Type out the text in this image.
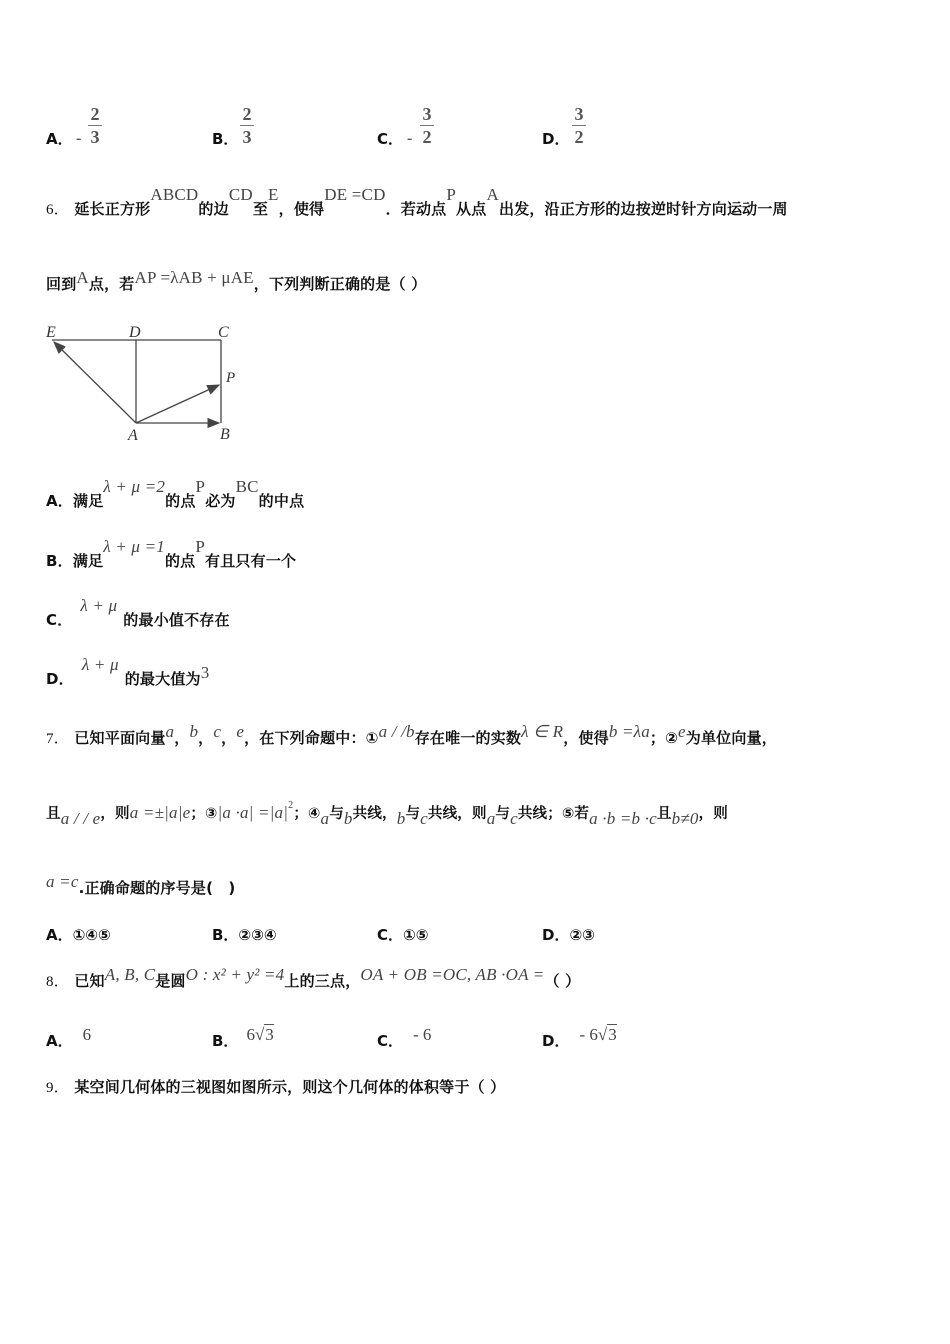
A． -
2
3	B．
2
3	C． -
3
2	D．
3
2
6． 延长正方形ABCD的边CD至E，使得DE =CD．若动点P从点A出发，沿正方形的边按逆时针方向运动一周
回到A点，若AP =λAB + μAE，下列判断正确的是（ ）
E	D	C
P
A	B
A．满足λ + μ =2的点P必为BC的中点
B．满足λ + μ =1的点P有且只有一个
C．λ + μ的最小值不存在
D．λ + μ的最大值为3
7． 已知平面向量a，b，c，e，在下列命题中：①a / /b存在唯一的实数λ ∈ R，使得b =λa；②e为单位向量，
且a / / e，则a =±|a|e；③|a $\cdot a| =|a|^2$；④a与b共线，b与c共线，则a与c共线；⑤若a ·b =b ·c且b≠0，则
a =c.正确命题的序号是(　)
A．①④⑤	B．②③④	C．①⑤	D．②③
8． 已知A, B, C是圆O : x² + y² =4上的三点，OA + OB =OC, AB ·OA =（ ）
A． 6	B． 6√3	C． - 6	D． - 6√3
9． 某空间几何体的三视图如图所示，则这个几何体的体积等于（ ）
